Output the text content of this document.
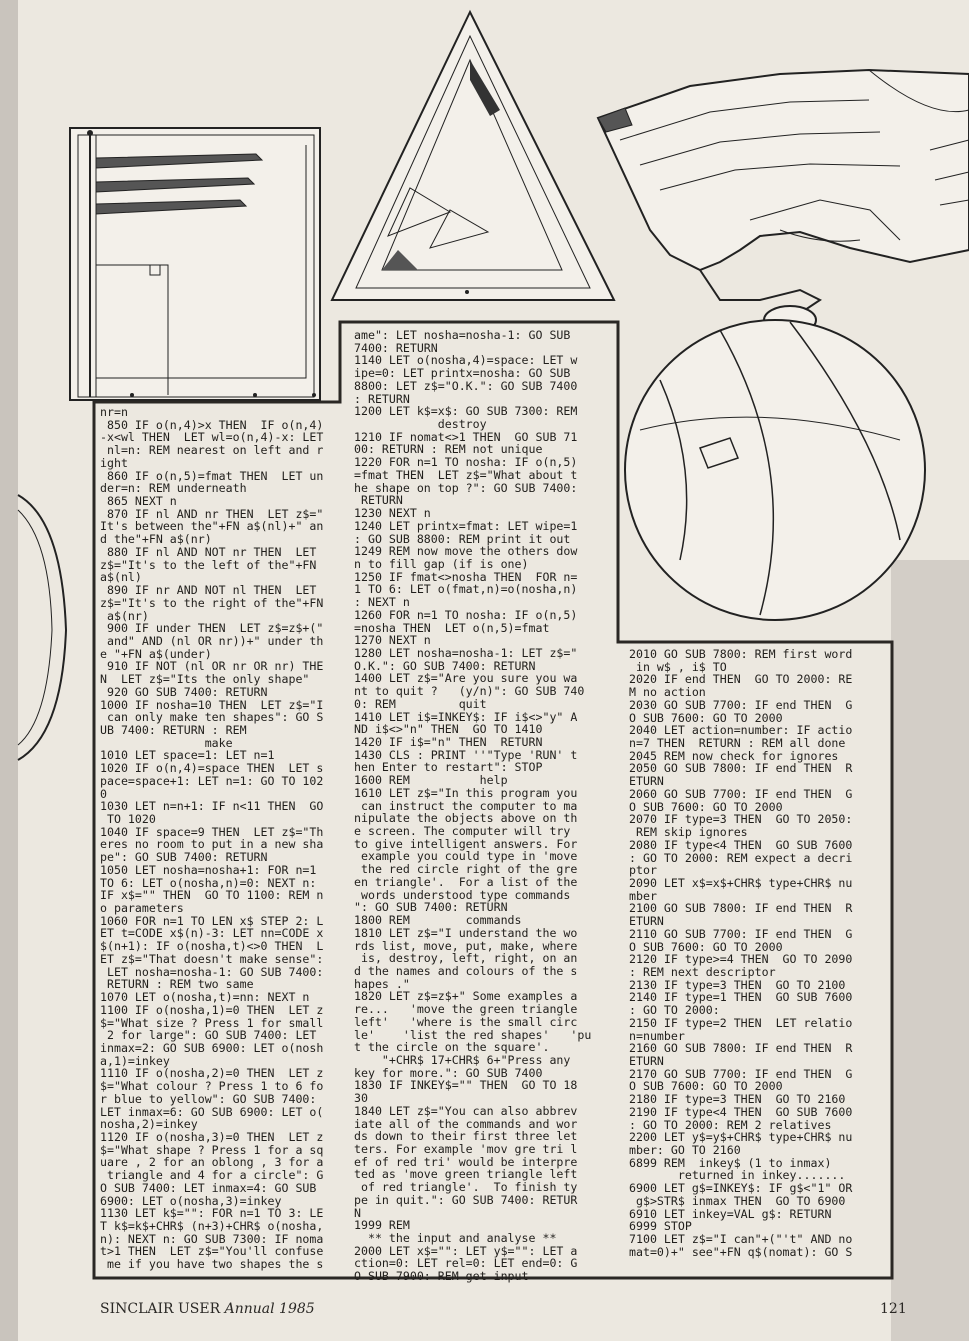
nr=n
850 IF o(n,4)>x THEN  IF o(n,4)
-x<wl THEN  LET wl=o(n,4)-x: LET
nl=n: REM nearest on left and r
ight
860 IF o(n,5)=fmat THEN  LET un
der=n: REM underneath
865 NEXT n
870 IF nl AND nr THEN  LET z$="
It's between the"+FN a$(nl)+" an
d the"+FN a$(nr)
880 IF nl AND NOT nr THEN  LET
z$="It's to the left of the"+FN
a$(nl)
890 IF nr AND NOT nl THEN  LET
z$="It's to the right of the"+FN
a$(nr)
900 IF under THEN  LET z$=z$+("
and" AND (nl OR nr))+" under th
e "+FN a$(under)
910 IF NOT (nl OR nr OR nr) THE
N  LET z$="Its the only shape"
920 GO SUB 7400: RETURN
1000 IF nosha=10 THEN  LET z$="I
can only make ten shapes": GO S
UB 7400: RETURN : REM
make
1010 LET space=1: LET n=1
1020 IF o(n,4)=space THEN  LET s
pace=space+1: LET n=1: GO TO 102
0
1030 LET n=n+1: IF n<11 THEN  GO
TO 1020
1040 IF space=9 THEN  LET z$="Th
eres no room to put in a new sha
pe": GO SUB 7400: RETURN
1050 LET nosha=nosha+1: FOR n=1
TO 6: LET o(nosha,n)=0: NEXT n:
IF x$="" THEN  GO TO 1100: REM n
o parameters
1060 FOR n=1 TO LEN x$ STEP 2: L
ET t=CODE x$(n)-3: LET nn=CODE x
$(n+1): IF o(nosha,t)<>0 THEN  L
ET z$="That doesn't make sense":
LET nosha=nosha-1: GO SUB 7400:
RETURN : REM two same
1070 LET o(nosha,t)=nn: NEXT n
1100 IF o(nosha,1)=0 THEN  LET z
$="What size ? Press 1 for small
2 for large": GO SUB 7400: LET
inmax=2: GO SUB 6900: LET o(nosh
a,1)=inkey
1110 IF o(nosha,2)=0 THEN  LET z
$="What colour ? Press 1 to 6 fo
r blue to yellow": GO SUB 7400:
LET inmax=6: GO SUB 6900: LET o(
nosha,2)=inkey
1120 IF o(nosha,3)=0 THEN  LET z
$="What shape ? Press 1 for a sq
uare , 2 for an oblong , 3 for a
triangle and 4 for a circle": G
O SUB 7400: LET inmax=4: GO SUB
6900: LET o(nosha,3)=inkey
1130 LET k$="": FOR n=1 TO 3: LE
T k$=k$+CHR$ (n+3)+CHR$ o(nosha,
n): NEXT n: GO SUB 7300: IF noma
t>1 THEN  LET z$="You'll confuse
me if you have two shapes the s
ame": LET nosha=nosha-1: GO SUB
7400: RETURN
1140 LET o(nosha,4)=space: LET w
ipe=0: LET printx=nosha: GO SUB
8800: LET z$="O.K.": GO SUB 7400
: RETURN
1200 LET k$=x$: GO SUB 7300: REM
destroy
1210 IF nomat<>1 THEN  GO SUB 71
00: RETURN : REM not unique
1220 FOR n=1 TO nosha: IF o(n,5)
=fmat THEN  LET z$="What about t
he shape on top ?": GO SUB 7400:
RETURN
1230 NEXT n
1240 LET printx=fmat: LET wipe=1
: GO SUB 8800: REM print it out
1249 REM now move the others dow
n to fill gap (if is one)
1250 IF fmat<>nosha THEN  FOR n=
1 TO 6: LET o(fmat,n)=o(nosha,n)
: NEXT n
1260 FOR n=1 TO nosha: IF o(n,5)
=nosha THEN  LET o(n,5)=fmat
1270 NEXT n
1280 LET nosha=nosha-1: LET z$="
O.K.": GO SUB 7400: RETURN
1400 LET z$="Are you sure you wa
nt to quit ?   (y/n)": GO SUB 740
0: REM         quit
1410 LET i$=INKEY$: IF i$<>"y" A
ND i$<>"n" THEN  GO TO 1410
1420 IF i$="n" THEN  RETURN
1430 CLS : PRINT ''"Type 'RUN' t
hen Enter to restart": STOP
1600 REM          help
1610 LET z$="In this program you
can instruct the computer to ma
nipulate the objects above on th
e screen. The computer will try
to give intelligent answers. For
example you could type in 'move
the red circle right of the gre
en triangle'.  For a list of the
words understood type commands
": GO SUB 7400: RETURN
1800 REM        commands
1810 LET z$="I understand the wo
rds list, move, put, make, where
is, destroy, left, right, on an
d the names and colours of the s
hapes ."
1820 LET z$=z$+" Some examples a
re...   'move the green triangle
left'   'where is the small circ
le'    'list the red shapes'   'pu
t the circle on the square'.
"+CHR$ 17+CHR$ 6+"Press any
key for more.": GO SUB 7400
1830 IF INKEY$="" THEN  GO TO 18
30
1840 LET z$="You can also abbrev
iate all of the commands and wor
ds down to their first three let
ters. For example 'mov gre tri l
ef of red tri' would be interpre
ted as 'move green triangle left
of red triangle'.  To finish ty
pe in quit.": GO SUB 7400: RETUR
N
1999 REM
** the input and analyse **
2000 LET x$="": LET y$="": LET a
ction=0: LET rel=0: LET end=0: G
O SUB 7900: REM get input
2010 GO SUB 7800: REM first word
in w$ , i$ TO
2020 IF end THEN  GO TO 2000: RE
M no action
2030 GO SUB 7700: IF end THEN  G
O SUB 7600: GO TO 2000
2040 LET action=number: IF actio
n=7 THEN  RETURN : REM all done
2045 REM now check for ignores
2050 GO SUB 7800: IF end THEN  R
ETURN
2060 GO SUB 7700: IF end THEN  G
O SUB 7600: GO TO 2000
2070 IF type=3 THEN  GO TO 2050:
REM skip ignores
2080 IF type<4 THEN  GO SUB 7600
: GO TO 2000: REM expect a decri
ptor
2090 LET x$=x$+CHR$ type+CHR$ nu
mber
2100 GO SUB 7800: IF end THEN  R
ETURN
2110 GO SUB 7700: IF end THEN  G
O SUB 7600: GO TO 2000
2120 IF type>=4 THEN  GO TO 2090
: REM next descriptor
2130 IF type=3 THEN  GO TO 2100
2140 IF type=1 THEN  GO SUB 7600
: GO TO 2000:
2150 IF type=2 THEN  LET relatio
n=number
2160 GO SUB 7800: IF end THEN  R
ETURN
2170 GO SUB 7700: IF end THEN  G
O SUB 7600: GO TO 2000
2180 IF type=3 THEN  GO TO 2160
2190 IF type<4 THEN  GO SUB 7600
: GO TO 2000: REM 2 relatives
2200 LET y$=y$+CHR$ type+CHR$ nu
mber: GO TO 2160
6899 REM  inkey$ (1 to inmax)
returned in inkey.......
6900 LET g$=INKEY$: IF g$<"1" OR
g$>STR$ inmax THEN  GO TO 6900
6910 LET inkey=VAL g$: RETURN
6999 STOP
7100 LET z$="I can"+("'t" AND no
mat=0)+" see"+FN q$(nomat): GO S
SINCLAIR USER Annual 1985	121
